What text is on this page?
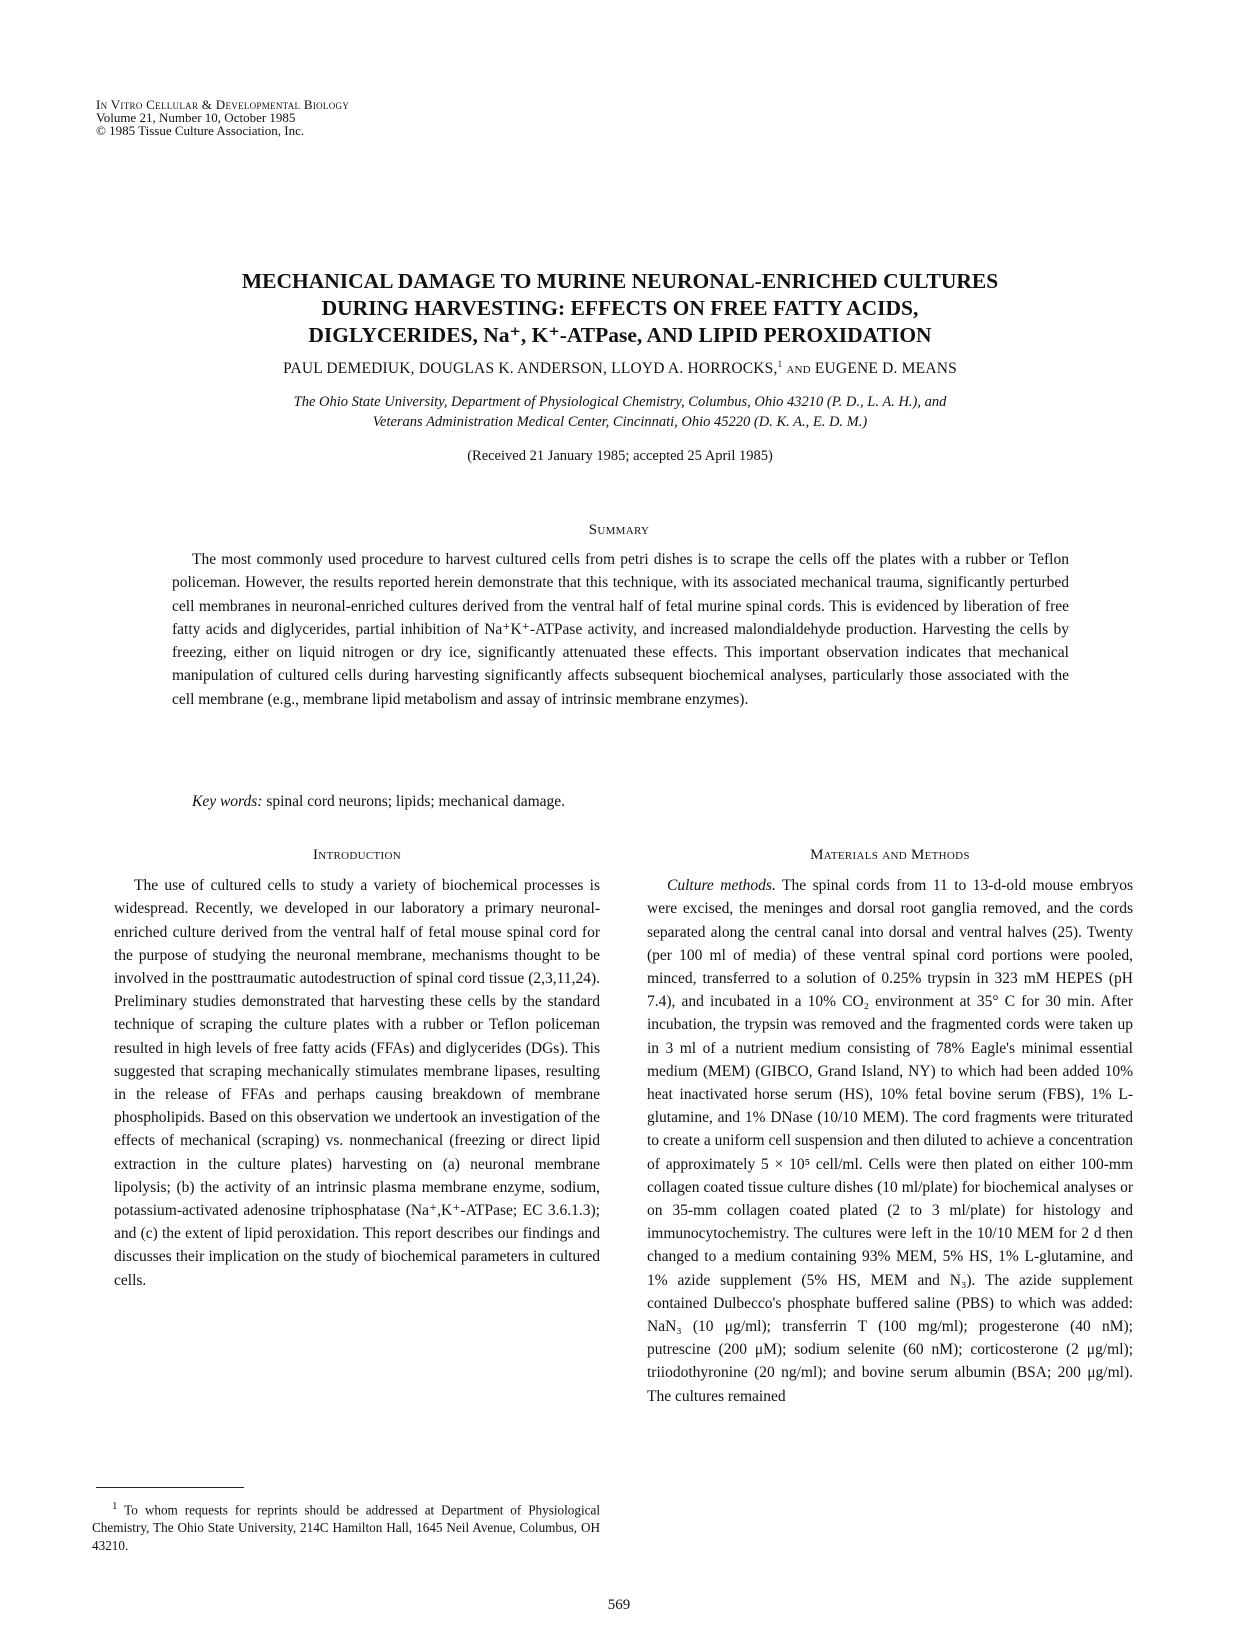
In Vitro Cellular & Developmental Biology
Volume 21, Number 10, October 1985
© 1985 Tissue Culture Association, Inc.
MECHANICAL DAMAGE TO MURINE NEURONAL-ENRICHED CULTURES
DURING HARVESTING: EFFECTS ON FREE FATTY ACIDS,
DIGLYCERIDES, Na⁺, K⁺-ATPase, AND LIPID PEROXIDATION
PAUL DEMEDIUK, DOUGLAS K. ANDERSON, LLOYD A. HORROCKS,$^1$ AND EUGENE D. MEANS
The Ohio State University, Department of Physiological Chemistry, Columbus, Ohio 43210 (P. D., L. A. H.), and
Veterans Administration Medical Center, Cincinnati, Ohio 45220 (D. K. A., E. D. M.)
(Received 21 January 1985; accepted 25 April 1985)
Summary

The most commonly used procedure to harvest cultured cells from petri dishes is to scrape the cells off the plates with a rubber or Teflon policeman. However, the results reported herein demonstrate that this technique, with its associated mechanical trauma, significantly perturbed cell membranes in neuronal-enriched cultures derived from the ventral half of fetal murine spinal cords. This is evidenced by liberation of free fatty acids and diglycerides, partial inhibition of Na⁺K⁺-ATPase activity, and increased malondialdehyde production. Harvesting the cells by freezing, either on liquid nitrogen or dry ice, significantly attenuated these effects. This important observation indicates that mechanical manipulation of cultured cells during harvesting significantly affects subsequent biochemical analyses, particularly those associated with the cell membrane (e.g., membrane lipid metabolism and assay of intrinsic membrane enzymes).

Key words: spinal cord neurons; lipids; mechanical damage.

Introduction

The use of cultured cells to study a variety of biochemical processes is widespread. Recently, we developed in our laboratory a primary neuronal-enriched culture derived from the ventral half of fetal mouse spinal cord for the purpose of studying the neuronal membrane, mechanisms thought to be involved in the posttraumatic autodestruction of spinal cord tissue (2,3,11,24). Preliminary studies demonstrated that harvesting these cells by the standard technique of scraping the culture plates with a rubber or Teflon policeman resulted in high levels of free fatty acids (FFAs) and diglycerides (DGs). This suggested that scraping mechanically stimulates membrane lipases, resulting in the release of FFAs and perhaps causing breakdown of membrane phospholipids. Based on this observation we undertook an investigation of the effects of mechanical (scraping) vs. nonmechanical (freezing or direct lipid extraction in the culture plates) harvesting on (a) neuronal membrane lipolysis; (b) the activity of an intrinsic plasma membrane enzyme, sodium, potassium-activated adenosine triphosphatase (Na⁺,K⁺-ATPase; EC 3.6.1.3); and (c) the extent of lipid peroxidation. This report describes our findings and discusses their implication on the study of biochemical parameters in cultured cells.

Materials and Methods

Culture methods. The spinal cords from 11 to 13-d-old mouse embryos were excised, the meninges and dorsal root ganglia removed, and the cords separated along the central canal into dorsal and ventral halves (25). Twenty (per 100 ml of media) of these ventral spinal cord portions were pooled, minced, transferred to a solution of 0.25% trypsin in 323 mM HEPES (pH 7.4), and incubated in a 10% CO₂ environment at 35° C for 30 min. After incubation, the trypsin was removed and the fragmented cords were taken up in 3 ml of a nutrient medium consisting of 78% Eagle's minimal essential medium (MEM) (GIBCO, Grand Island, NY) to which had been added 10% heat inactivated horse serum (HS), 10% fetal bovine serum (FBS), 1% L-glutamine, and 1% DNase (10/10 MEM). The cord fragments were triturated to create a uniform cell suspension and then diluted to achieve a concentration of approximately 5 × 10⁵ cell/ml. Cells were then plated on either 100-mm collagen coated tissue culture dishes (10 ml/plate) for biochemical analyses or on 35-mm collagen coated plated (2 to 3 ml/plate) for histology and immunocytochemistry. The cultures were left in the 10/10 MEM for 2 d then changed to a medium containing 93% MEM, 5% HS, 1% L-glutamine, and 1% azide supplement (5% HS, MEM and N₃). The azide supplement contained Dulbecco's phosphate buffered saline (PBS) to which was added: NaN₃ (10 μg/ml); transferrin T (100 mg/ml); progesterone (40 nM); putrescine (200 μM); sodium selenite (60 nM); corticosterone (2 μg/ml); triiodothyronine (20 ng/ml); and bovine serum albumin (BSA; 200 μg/ml). The cultures remained

$^1$ To whom requests for reprints should be addressed at Department of Physiological Chemistry, The Ohio State University, 214C Hamilton Hall, 1645 Neil Avenue, Columbus, OH 43210.

569
